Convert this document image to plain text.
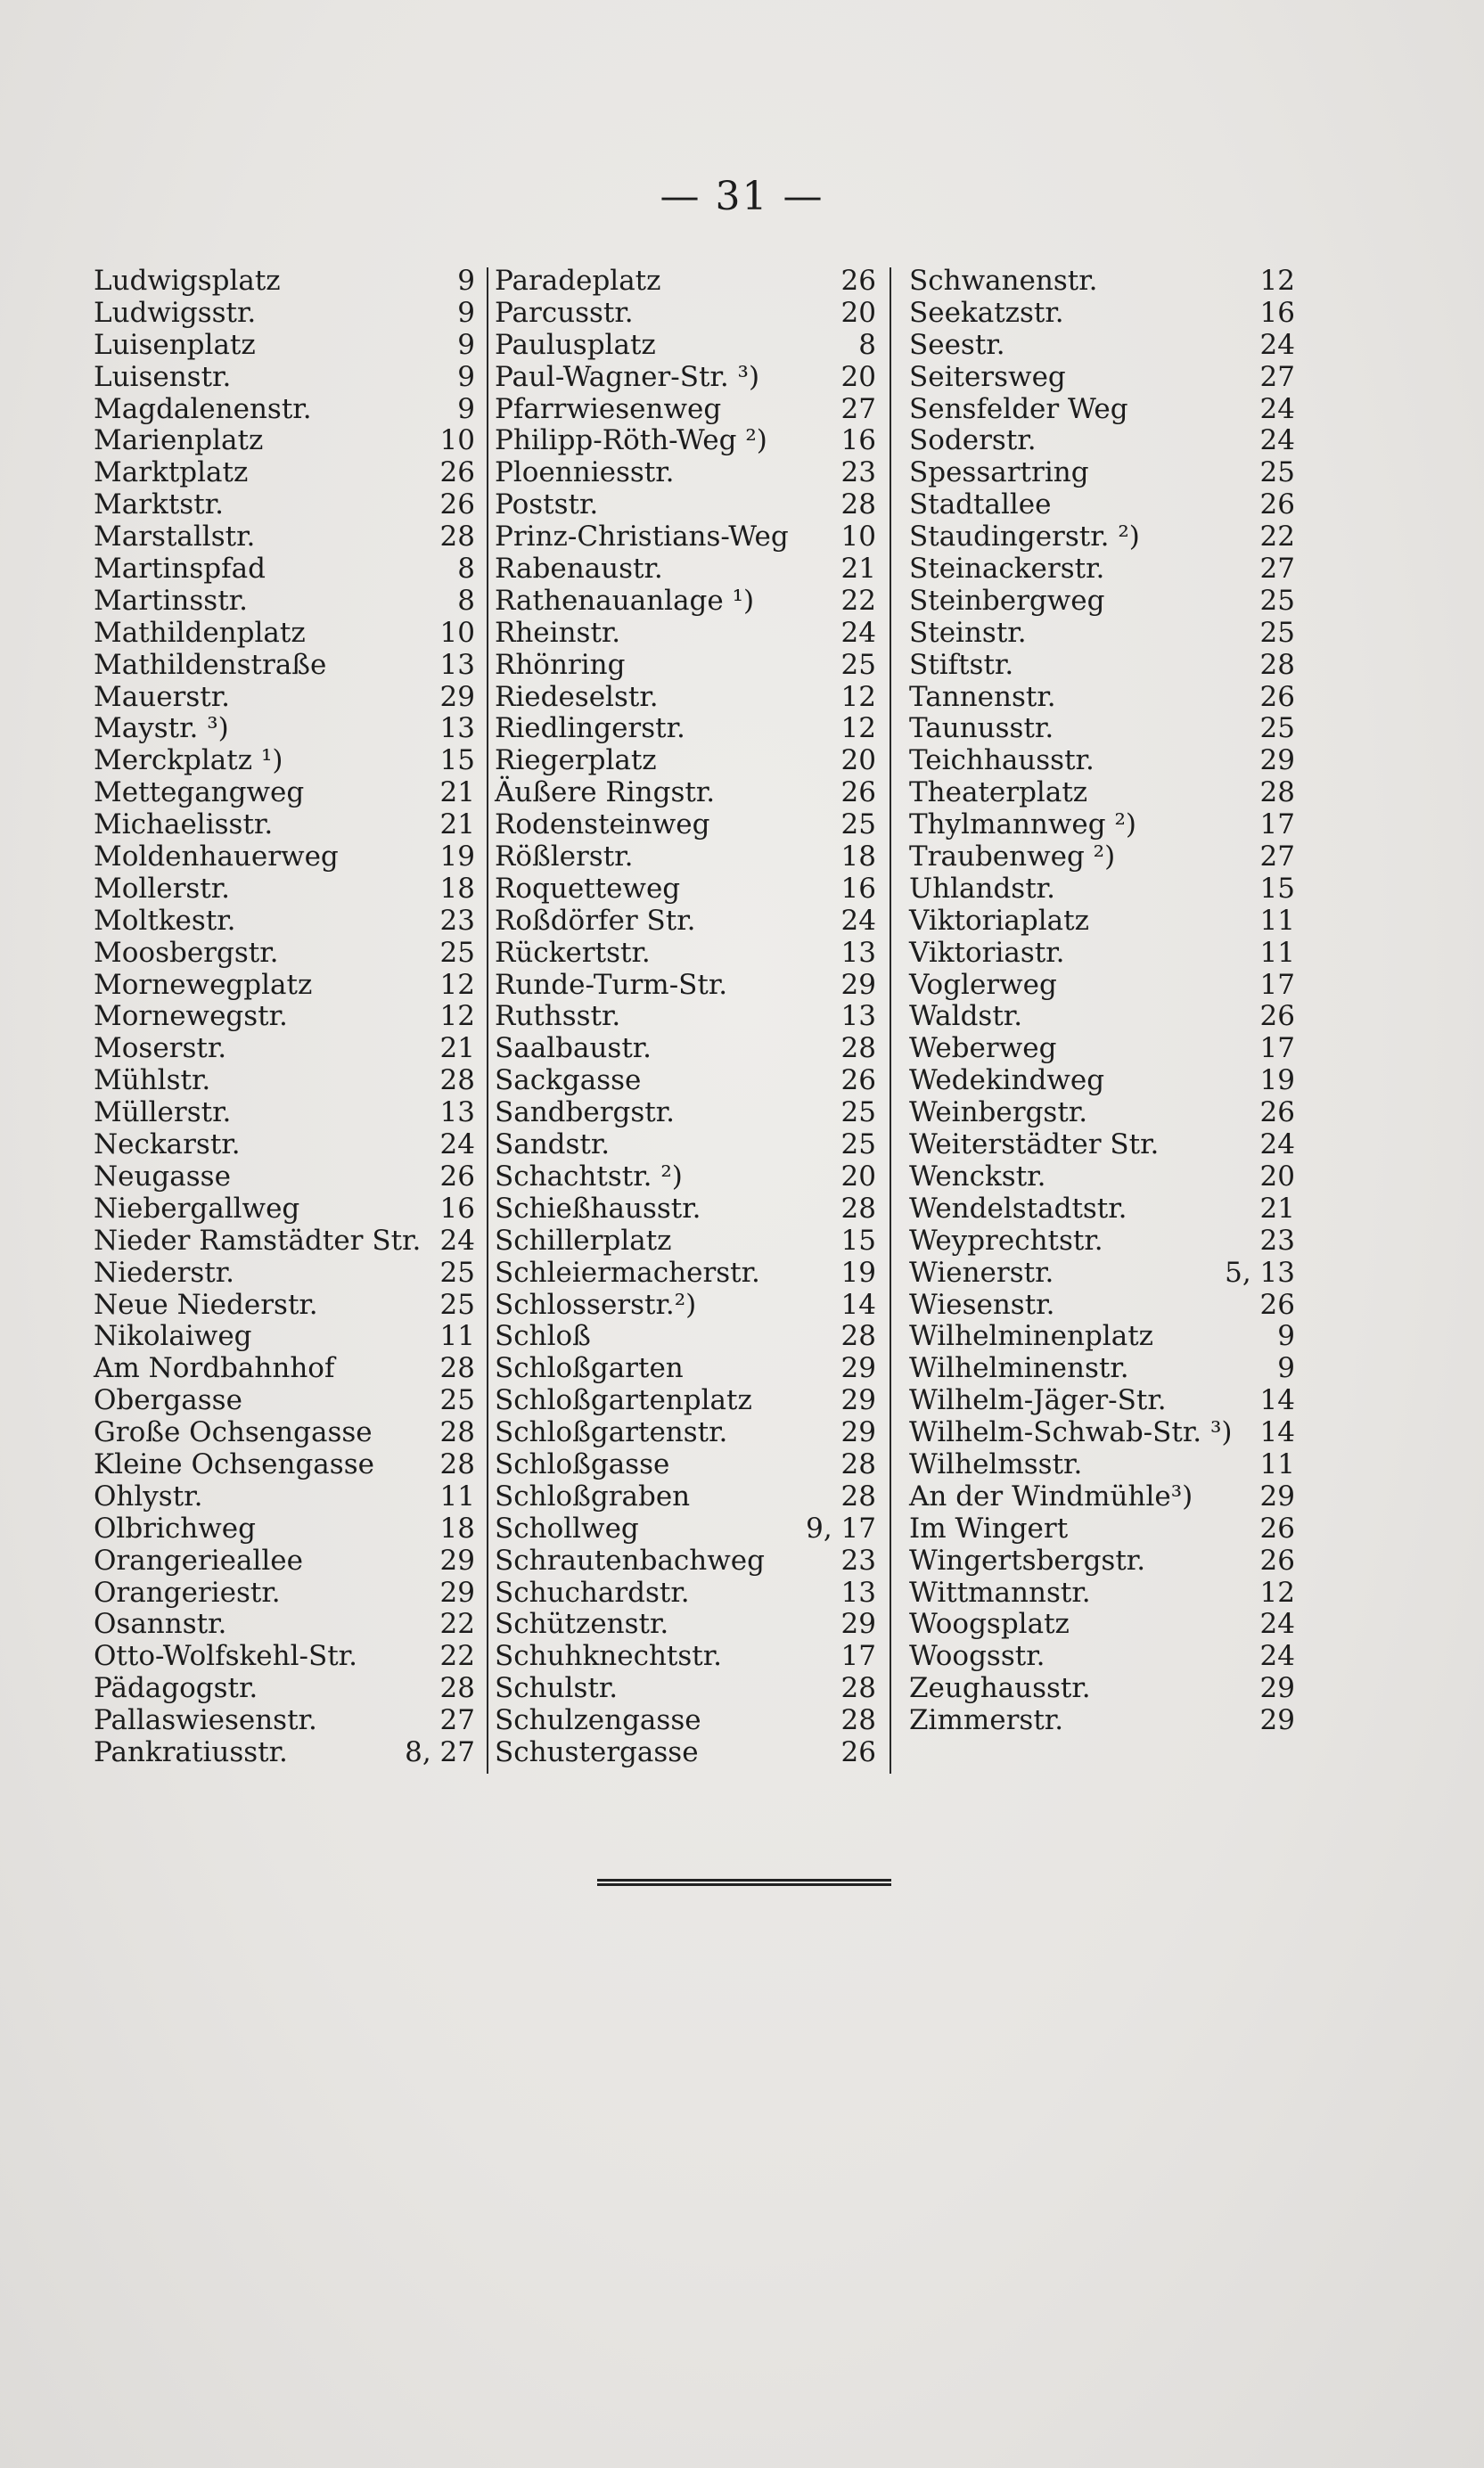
— 31 —
Ludwigsplatz	9
Ludwigsstr.	9
Luisenplatz	9
Luisenstr.	9
Magdalenenstr.	9
Marienplatz	10
Marktplatz	26
Marktstr.	26
Marstallstr.	28
Martinspfad	8
Martinsstr.	8
Mathildenplatz	10
Mathildenstraße	13
Mauerstr.	29
Maystr. ³)	13
Merckplatz ¹)	15
Mettegangweg	21
Michaelisstr.	21
Moldenhauerweg	19
Mollerstr.	18
Moltkestr.	23
Moosbergstr.	25
Mornewegplatz	12
Mornewegstr.	12
Moserstr.	21
Mühlstr.	28
Müllerstr.	13
Neckarstr.	24
Neugasse	26
Niebergallweg	16
Nieder Ramstädter Str. 24
Niederstr.	25
Neue Niederstr.	25
Nikolaiweg	11
Am Nordbahnhof	28
Obergasse	25
Große Ochsengasse 28
Kleine Ochsengasse 28
Ohlystr.	11
Olbrichweg	18
Orangerieallee	29
Orangeriestr.	29
Osannstr.	22
Otto-Wolfskehl-Str.	22
Pädagogstr.	28
Pallaswiesenstr.	27
Pankratiusstr.	8, 27
Paradeplatz	26
Parcusstr.	20
Paulusplatz	8
Paul-Wagner-Str. ³)	20
Pfarrwiesenweg	27
Philipp-Röth-Weg ²)	16
Ploenniesstr.	23
Poststr.	28
Prinz-Christians-Weg 10
Rabenaustr.	21
Rathenauanlage ¹)	22
Rheinstr.	24
Rhönring	25
Riedeselstr.	12
Riedlingerstr.	12
Riegerplatz	20
Äußere Ringstr.	26
Rodensteinweg	25
Rößlerstr.	18
Roquetteweg	16
Roßdörfer Str.	24
Rückertstr.	13
Runde-Turm-Str.	29
Ruthsstr.	13
Saalbaustr.	28
Sackgasse	26
Sandbergstr.	25
Sandstr.	25
Schachtstr. ²)	20
Schießhausstr.	28
Schillerplatz	15
Schleiermacherstr.	19
Schlosserstr.²)	14
Schloß	28
Schloßgarten	29
Schloßgartenplatz	29
Schloßgartenstr.	29
Schloßgasse	28
Schloßgraben	28
Schollweg	9, 17
Schrautenbachweg	23
Schuchardstr.	13
Schützenstr.	29
Schuhknechtstr.	17
Schulstr.	28
Schulzengasse	28
Schustergasse	26
Schwanenstr.	12
Seekatzstr.	16
Seestr.	24
Seitersweg	27
Sensfelder Weg	24
Soderstr.	24
Spessartring	25
Stadtallee	26
Staudingerstr. ²)	22
Steinackerstr.	27
Steinbergweg	25
Steinstr.	25
Stiftstr.	28
Tannenstr.	26
Taunusstr.	25
Teichhausstr.	29
Theaterplatz	28
Thylmannweg ²)	17
Traubenweg ²)	27
Uhlandstr.	15
Viktoriaplatz	11
Viktoriastr.	11
Voglerweg	17
Waldstr.	26
Weberweg	17
Wedekindweg	19
Weinbergstr.	26
Weiterstädter Str.	24
Wenckstr.	20
Wendelstadtstr.	21
Weyprechtstr.	23
Wienerstr.	5, 13
Wiesenstr.	26
Wilhelminenplatz	9
Wilhelminenstr.	9
Wilhelm-Jäger-Str.	14
Wilhelm-Schwab-Str. ³) 14
Wilhelmsstr.	11
An der Windmühle³) 29
Im Wingert	26
Wingertsbergstr.	26
Wittmannstr.	12
Woogsplatz	24
Woogsstr.	24
Zeughausstr.	29
Zimmerstr.	29
